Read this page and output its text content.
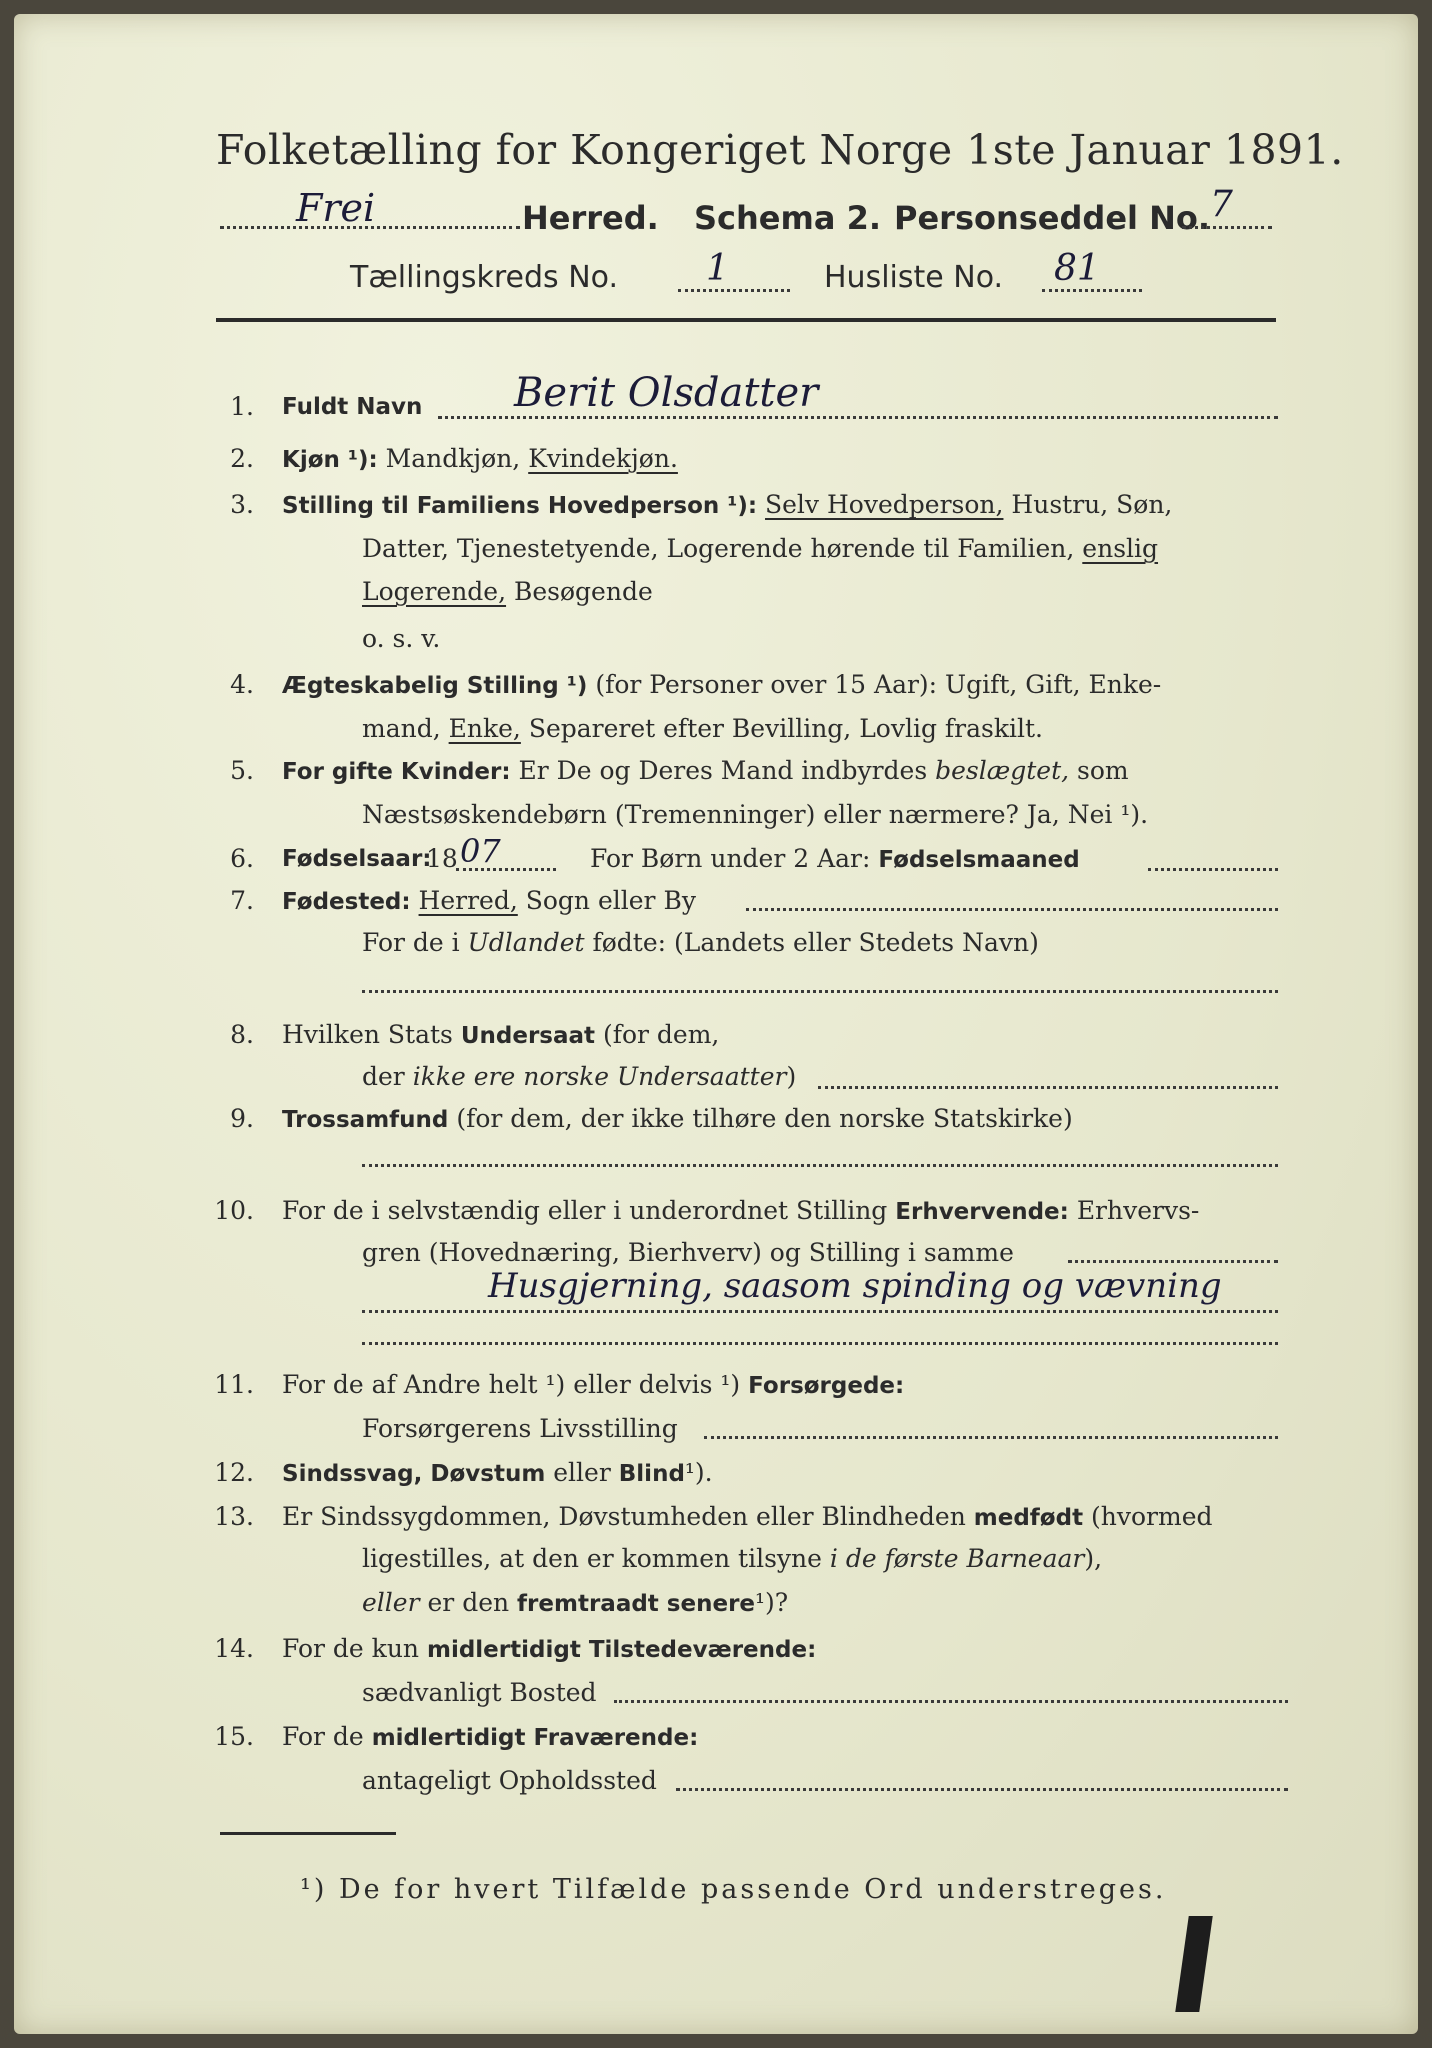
Folketælling for Kongeriget Norge 1ste Januar 1891.
Frei	Herred. Schema 2. Personseddel No. 7
Tællingskreds No. 1	Husliste No. 81
1. Fuldt Navn Berit Olsdatter
2. Kjøn ¹): Mandkjøn, Kvindekjøn.
3. Stilling til Familiens Hovedperson ¹): Selv Hovedperson, Hustru, Søn,
Datter, Tjenestetyende, Logerende hørende til Familien, enslig
Logerende, Besøgende
o. s. v.
4. Ægteskabelig Stilling ¹) (for Personer over 15 Aar): Ugift, Gift, Enke-
mand, Enke, Separeret efter Bevilling, Lovlig fraskilt.
5. For gifte Kvinder: Er De og Deres Mand indbyrdes beslægtet, som
Næstsøskendebørn (Tremenninger) eller nærmere? Ja, Nei ¹).
6. Fødselsaar:
18 07	For Børn under 2 Aar: Fødselsmaaned
7. Fødested: Herred, Sogn eller By
For de i Udlandet fødte: (Landets eller Stedets Navn)
8. Hvilken Stats Undersaat (for dem,
der ikke ere norske Undersaatter)
9. Trossamfund (for dem, der ikke tilhøre den norske Statskirke)
10. For de i selvstændig eller i underordnet Stilling Erhvervende: Erhvervs-
gren (Hovednæring, Bierhverv) og Stilling i samme
Husgjerning, saasom spinding og vævning
11. For de af Andre helt ¹) eller delvis ¹) Forsørgede:
Forsørgerens Livsstilling
12. Sindssvag, Døvstum eller Blind¹).
13. Er Sindssygdommen, Døvstumheden eller Blindheden medfødt (hvormed
ligestilles, at den er kommen tilsyne i de første Barneaar),
eller er den fremtraadt senere¹)?
14. For de kun midlertidigt Tilstedeværende:
sædvanligt Bosted
15. For de midlertidigt Fraværende:
antageligt Opholdssted
¹) De for hvert Tilfælde passende Ord understreges.
